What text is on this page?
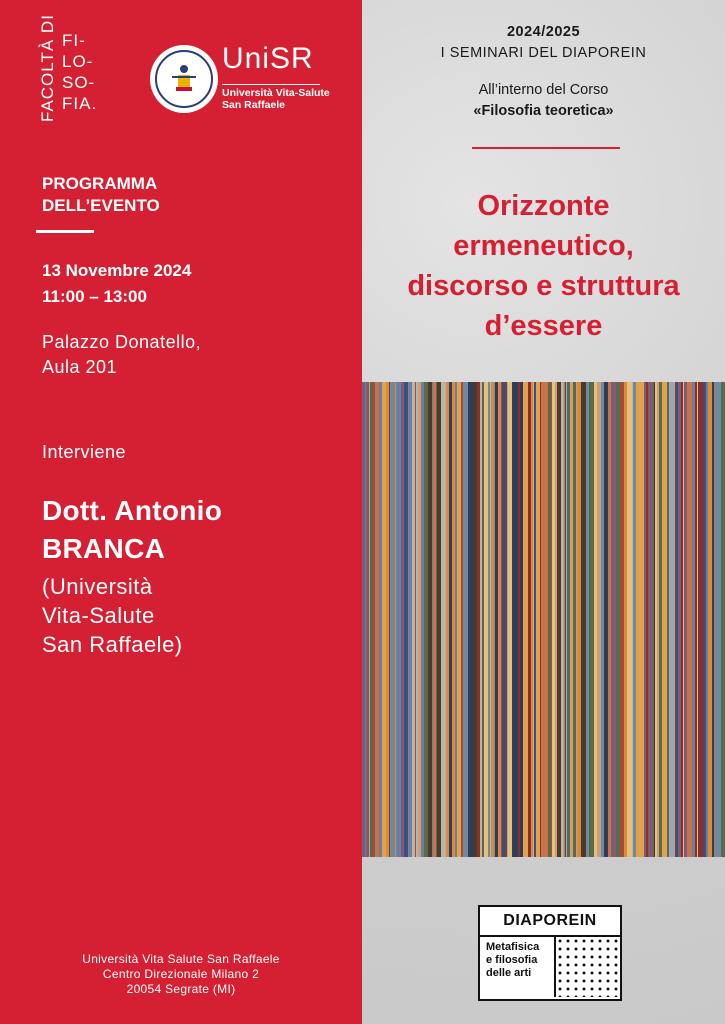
FACOLTÀ DI FI-
LO-
SO-
FIA.
UniSR
Università Vita-Salute
San Raffaele
PROGRAMMA
DELL’EVENTO
13 Novembre 2024
11:00 – 13:00
Palazzo Donatello,
Aula 201
Interviene
Dott. Antonio
BRANCA
(Università
Vita-Salute
San Raffaele)
Università Vita Salute San Raffaele
Centro Direzionale Milano 2
20054 Segrate (MI)
2024/2025
I SEMINARI DEL DIAPOREIN
All’interno del Corso
«Filosofia teoretica»
Orizzonte
ermeneutico,
discorso e struttura
d’essere
DIAPOREIN
Metafisica
e filosofia
delle arti
